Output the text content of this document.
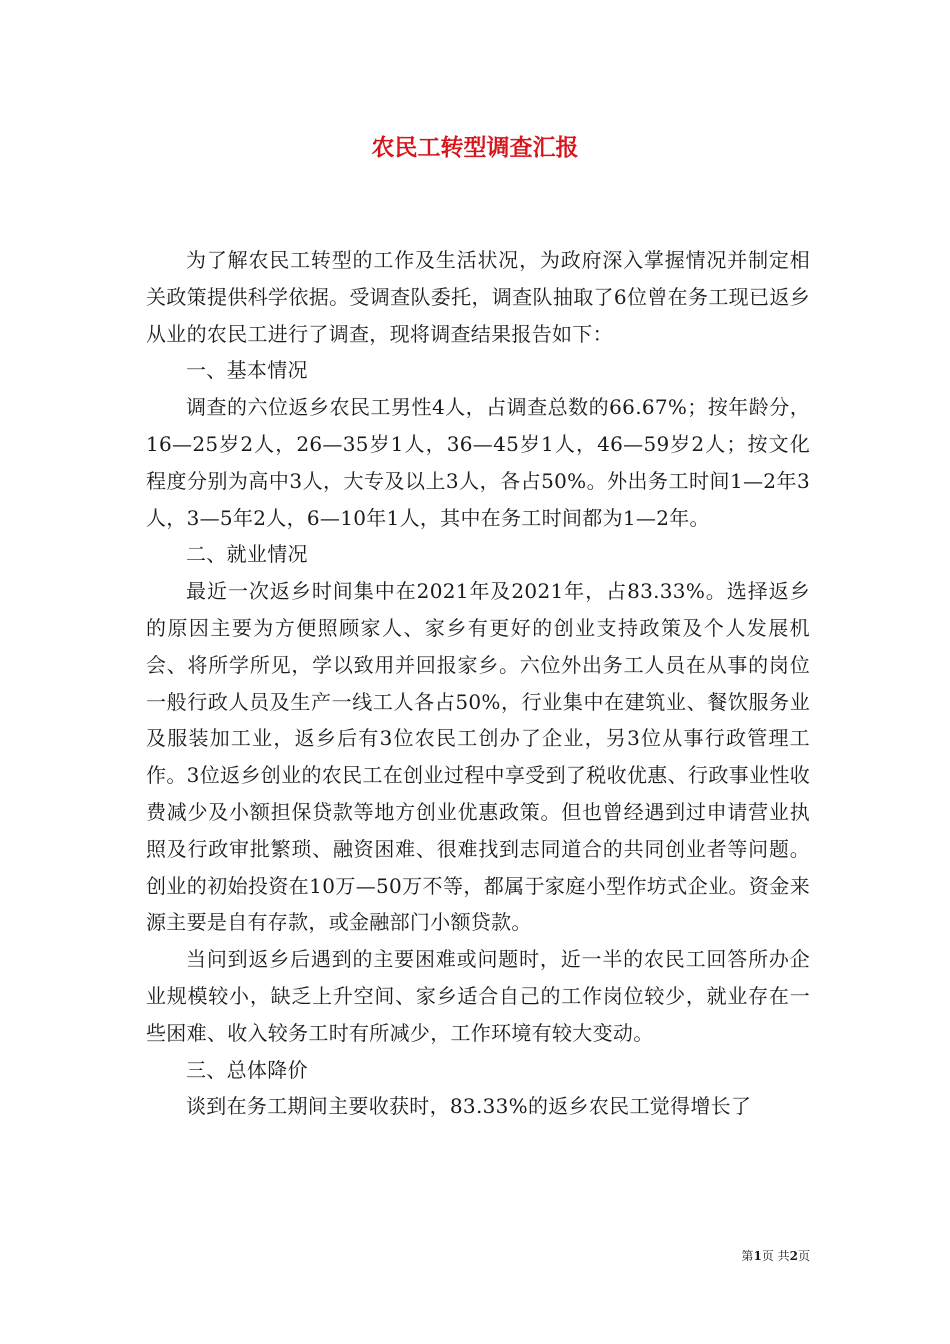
农民工转型调查汇报

为了解农民工转型的工作及生活状况，为政府深入掌握情况并制定相关政策提供科学依据。受调查队委托，调查队抽取了6位曾在务工现已返乡从业的农民工进行了调查，现将调查结果报告如下：

一、基本情况

调查的六位返乡农民工男性4人，占调查总数的66.67%；按年龄分，16—25岁2人，26—35岁1人，36—45岁1人，46—59岁2人；按文化程度分别为高中3人，大专及以上3人，各占50%。外出务工时间1—2年3人，3—5年2人，6—10年1人，其中在务工时间都为1—2年。

二、就业情况

最近一次返乡时间集中在2021年及2021年，占83.33%。选择返乡的原因主要为方便照顾家人、家乡有更好的创业支持政策及个人发展机会、将所学所见，学以致用并回报家乡。六位外出务工人员在从事的岗位一般行政人员及生产一线工人各占50%，行业集中在建筑业、餐饮服务业及服装加工业，返乡后有3位农民工创办了企业，另3位从事行政管理工作。3位返乡创业的农民工在创业过程中享受到了税收优惠、行政事业性收费减少及小额担保贷款等地方创业优惠政策。但也曾经遇到过申请营业执照及行政审批繁琐、融资困难、很难找到志同道合的共同创业者等问题。创业的初始投资在10万—50万不等，都属于家庭小型作坊式企业。资金来源主要是自有存款，或金融部门小额贷款。

当问到返乡后遇到的主要困难或问题时，近一半的农民工回答所办企业规模较小，缺乏上升空间、家乡适合自己的工作岗位较少，就业存在一些困难、收入较务工时有所减少，工作环境有较大变动。

三、总体降价

谈到在务工期间主要收获时，83.33%的返乡农民工觉得增长了

第1页 共2页
